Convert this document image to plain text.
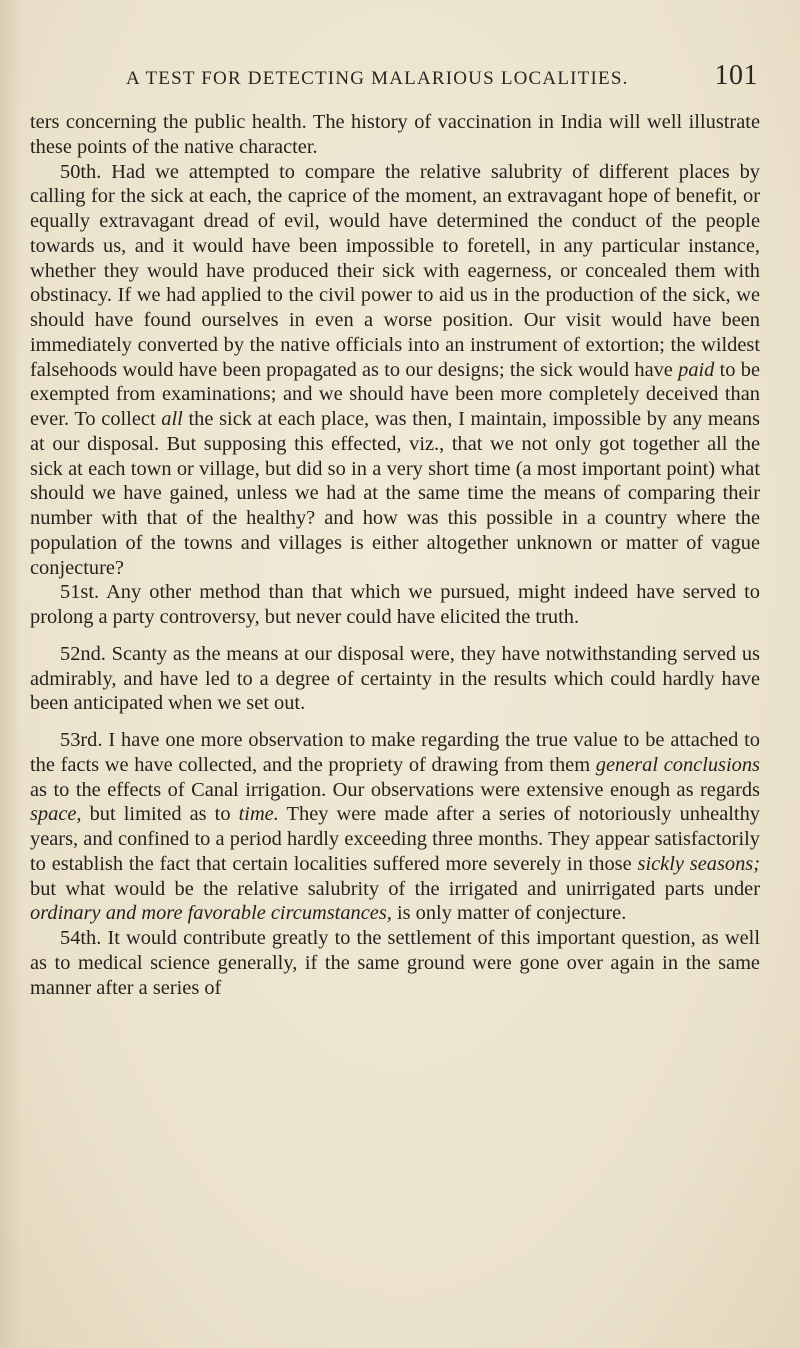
A TEST FOR DETECTING MALARIOUS LOCALITIES.	101

ters concerning the public health. The history of vaccination in India will well illustrate these points of the native character.

50th. Had we attempted to compare the relative salubrity of different places by calling for the sick at each, the caprice of the moment, an extravagant hope of benefit, or equally extravagant dread of evil, would have determined the conduct of the people towards us, and it would have been impossible to foretell, in any particular instance, whether they would have produced their sick with eagerness, or concealed them with obstinacy. If we had applied to the civil power to aid us in the production of the sick, we should have found ourselves in even a worse position. Our visit would have been immediately converted by the native officials into an instrument of extortion; the wildest falsehoods would have been propagated as to our designs; the sick would have paid to be exempted from examinations; and we should have been more completely deceived than ever. To collect all the sick at each place, was then, I maintain, impossible by any means at our disposal. But supposing this effected, viz., that we not only got together all the sick at each town or village, but did so in a very short time (a most important point) what should we have gained, unless we had at the same time the means of comparing their number with that of the healthy? and how was this possible in a country where the population of the towns and villages is either altogether unknown or matter of vague conjecture?

51st. Any other method than that which we pursued, might indeed have served to prolong a party controversy, but never could have elicited the truth.

52nd. Scanty as the means at our disposal were, they have notwithstanding served us admirably, and have led to a degree of certainty in the results which could hardly have been anticipated when we set out.

53rd. I have one more observation to make regarding the true value to be attached to the facts we have collected, and the propriety of drawing from them general conclusions as to the effects of Canal irrigation. Our observations were extensive enough as regards space, but limited as to time. They were made after a series of notoriously unhealthy years, and confined to a period hardly exceeding three months. They appear satisfactorily to establish the fact that certain localities suffered more severely in those sickly seasons; but what would be the relative salubrity of the irrigated and unirrigated parts under ordinary and more favorable circumstances, is only matter of conjecture.

54th. It would contribute greatly to the settlement of this important question, as well as to medical science generally, if the same ground were gone over again in the same manner after a series of
